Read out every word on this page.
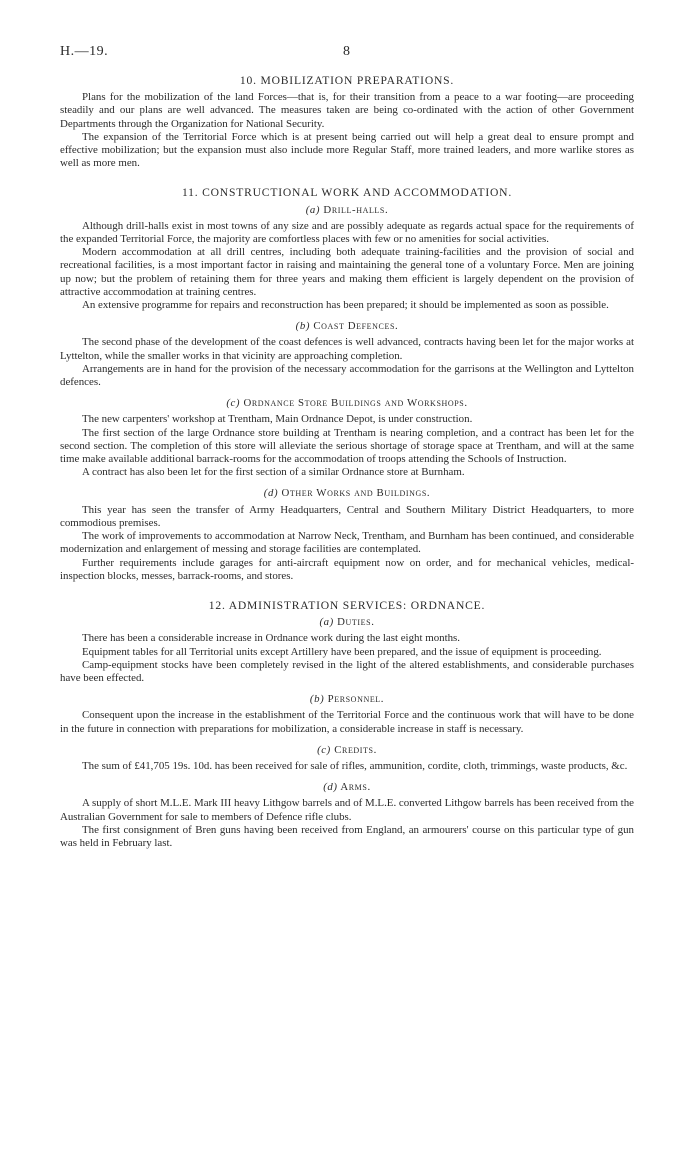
H.—19.	8
10. MOBILIZATION PREPARATIONS.

Plans for the mobilization of the land Forces—that is, for their transition from a peace to a war footing—are proceeding steadily and our plans are well advanced. The measures taken are being co-ordinated with the action of other Government Departments through the Organization for National Security.

The expansion of the Territorial Force which is at present being carried out will help a great deal to ensure prompt and effective mobilization; but the expansion must also include more Regular Staff, more trained leaders, and more warlike stores as well as more men.

11. CONSTRUCTIONAL WORK AND ACCOMMODATION.
(a) Drill-halls.

Although drill-halls exist in most towns of any size and are possibly adequate as regards actual space for the requirements of the expanded Territorial Force, the majority are comfortless places with few or no amenities for social activities.

Modern accommodation at all drill centres, including both adequate training-facilities and the provision of social and recreational facilities, is a most important factor in raising and maintaining the general tone of a voluntary Force. Men are joining up now; but the problem of retaining them for three years and making them efficient is largely dependent on the provision of attractive accommodation at training centres.

An extensive programme for repairs and reconstruction has been prepared; it should be implemented as soon as possible.

(b) Coast Defences.

The second phase of the development of the coast defences is well advanced, contracts having been let for the major works at Lyttelton, while the smaller works in that vicinity are approaching completion.

Arrangements are in hand for the provision of the necessary accommodation for the garrisons at the Wellington and Lyttelton defences.

(c) Ordnance Store Buildings and Workshops.

The new carpenters' workshop at Trentham, Main Ordnance Depot, is under construction.

The first section of the large Ordnance store building at Trentham is nearing completion, and a contract has been let for the second section. The completion of this store will alleviate the serious shortage of storage space at Trentham, and will at the same time make available additional barrack-rooms for the accommodation of troops attending the Schools of Instruction.

A contract has also been let for the first section of a similar Ordnance store at Burnham.

(d) Other Works and Buildings.

This year has seen the transfer of Army Headquarters, Central and Southern Military District Headquarters, to more commodious premises.

The work of improvements to accommodation at Narrow Neck, Trentham, and Burnham has been continued, and considerable modernization and enlargement of messing and storage facilities are contemplated.

Further requirements include garages for anti-aircraft equipment now on order, and for mechanical vehicles, medical-inspection blocks, messes, barrack-rooms, and stores.

12. ADMINISTRATION SERVICES: ORDNANCE.
(a) Duties.

There has been a considerable increase in Ordnance work during the last eight months.

Equipment tables for all Territorial units except Artillery have been prepared, and the issue of equipment is proceeding.

Camp-equipment stocks have been completely revised in the light of the altered establishments, and considerable purchases have been effected.

(b) Personnel.

Consequent upon the increase in the establishment of the Territorial Force and the continuous work that will have to be done in the future in connection with preparations for mobilization, a considerable increase in staff is necessary.

(c) Credits.

The sum of £41,705 19s. 10d. has been received for sale of rifles, ammunition, cordite, cloth, trimmings, waste products, &c.

(d) Arms.

A supply of short M.L.E. Mark III heavy Lithgow barrels and of M.L.E. converted Lithgow barrels has been received from the Australian Government for sale to members of Defence rifle clubs.

The first consignment of Bren guns having been received from England, an armourers' course on this particular type of gun was held in February last.
